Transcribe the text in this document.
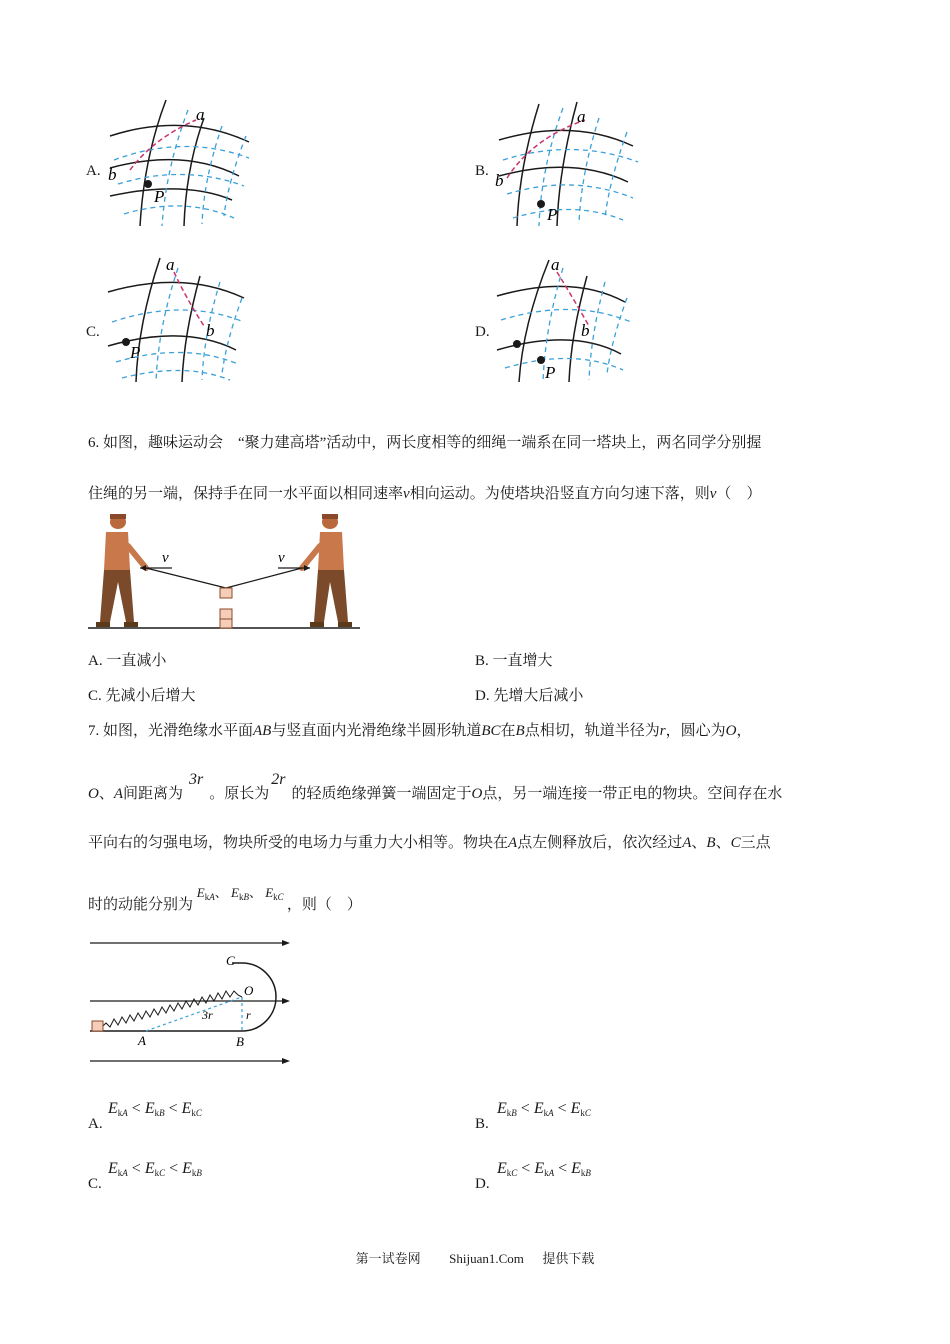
A.
a
b
P
B.
a
b
P
C.
a
b
P
D.
a
b
P
6. 如图，趣味运动会　“聚力建高塔”活动中，两长度相等的细绳一端系在同一塔块上，两名同学分别握
住绳的另一端，保持手在同一水平面以相同速率v相向运动。为使塔块沿竖直方向匀速下落，则v（　）
v	v
A. 一直减小	B. 一直增大
C. 先减小后增大	D. 先增大后减小
7. 如图，光滑绝缘水平面AB与竖直面内光滑绝缘半圆形轨道BC在B点相切，轨道半径为r，圆心为O，
O、A间距离为3r。原长为2r的轻质绝缘弹簧一端固定于O点，另一端连接一带正电的物块。空间存在水
平向右的匀强电场，物块所受的电场力与重力大小相等。物块在A点左侧释放后，依次经过A、B、C三点
时的动能分别为 $E_{kA}$、 $E_{kB}$、 $E_{kC}$ ，则（　）
C
O
3r	r
A	B
A.
$E_kA < E_kB < E_kC$
B.
$E_kB < E_kA < E_kC$
C.
$E_kA < E_kC < E_kB$
D.
$E_kC < E_kA < E_kB$
第一试卷网 Shijuan1.Com 提供下载
